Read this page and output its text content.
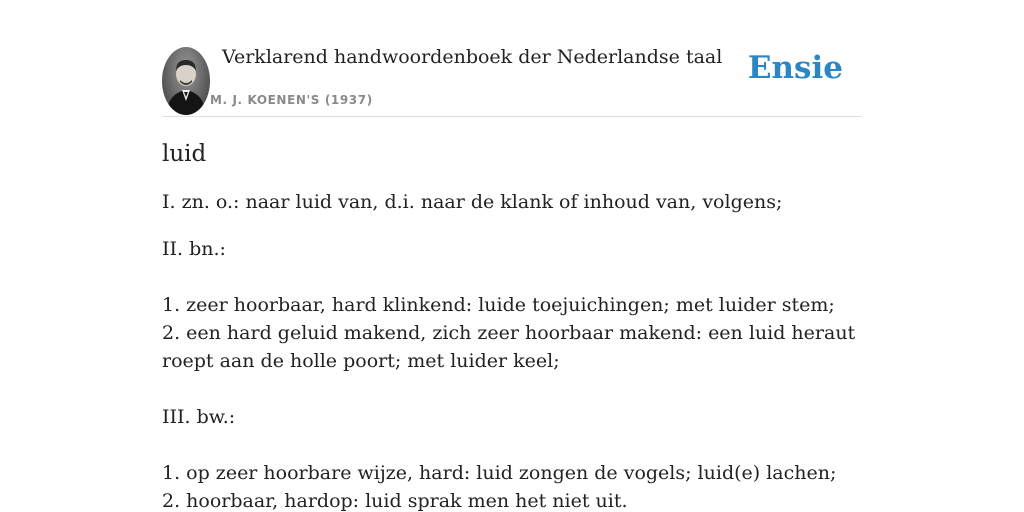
Verklarend handwoordenboek der Nederlandse taal
M. J. KOENEN'S (1937)
Ensie
luid

I. zn. o.: naar luid van, d.i. naar de klank of inhoud van, volgens;

II. bn.:

1. zeer hoorbaar, hard klinkend: luide toejuichingen; met luider stem;

2. een hard geluid makend, zich zeer hoorbaar makend: een luid heraut roept aan de holle poort; met luider keel;

III. bw.:

1. op zeer hoorbare wijze, hard: luid zongen de vogels; luid(e) lachen;

2. hoorbaar, hardop: luid sprak men het niet uit.
